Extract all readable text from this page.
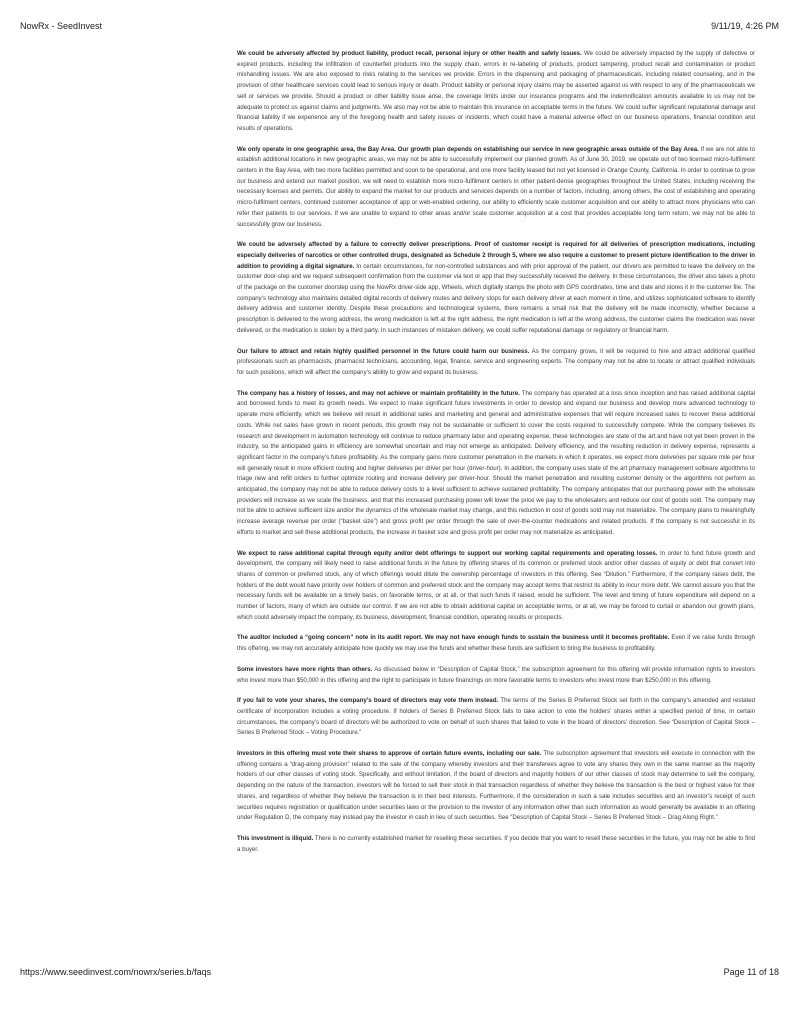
NowRx - SeedInvest	9/11/19, 4:26 PM

We could be adversely affected by product liability, product recall, personal injury or other health and safety issues. We could be adversely impacted by the supply of defective or expired products, including the infiltration of counterfeit products into the supply chain, errors in re-labeling of products, product tampering, product recall and contamination or product mishandling issues. We are also exposed to risks relating to the services we provide. Errors in the dispensing and packaging of pharmaceuticals, including related counseling, and in the provision of other healthcare services could lead to serious injury or death. Product liability or personal injury claims may be asserted against us with respect to any of the pharmaceuticals we sell or services we provide. Should a product or other liability issue arise, the coverage limits under our insurance programs and the indemnification amounts available to us may not be adequate to protect us against claims and judgments. We also may not be able to maintain this insurance on acceptable terms in the future. We could suffer significant reputational damage and financial liability if we experience any of the foregoing health and safety issues or incidents, which could have a material adverse effect on our business operations, financial condition and results of operations.

We only operate in one geographic area, the Bay Area. Our growth plan depends on establishing our service in new geographic areas outside of the Bay Area. If we are not able to establish additional locations in new geographic areas, we may not be able to successfully implement our planned growth. As of June 30, 2019, we operate out of two licensed micro-fulfilment centers in the Bay Area, with two more facilities permitted and soon to be operational, and one more facility leased but not yet licensed in Orange County, California. In order to continue to grow our business and extend our market position, we will need to establish more micro-fulfilment centers in other patient-dense geographies throughout the United States, including receiving the necessary licenses and permits. Our ability to expand the market for our products and services depends on a number of factors, including, among others, the cost of establishing and operating micro-fulfilment centers, continued customer acceptance of app or web-enabled ordering, our ability to efficiently scale customer acquisition and our ability to attract more physicians who can refer their patients to our services. If we are unable to expand to other areas and/or scale customer acquisition at a cost that provides acceptable long term return, we may not be able to successfully grow our business.

We could be adversely affected by a failure to correctly deliver prescriptions. Proof of customer receipt is required for all deliveries of prescription medications, including especially deliveries of narcotics or other controlled drugs, designated as Schedule 2 through 5, where we also require a customer to present picture identification to the driver in addition to providing a digital signature. In certain circumstances, for non-controlled substances and with prior approval of the patient, our drivers are permitted to leave the delivery on the customer door-step and we request subsequent confirmation from the customer via text or app that they successfully received the delivery. In these circumstances, the driver also takes a photo of the package on the customer doorstep using the NowRx driver-side app, Wheels, which digitally stamps the photo with GPS coordinates, time and date and stores it in the customer file. The company’s technology also maintains detailed digital records of delivery routes and delivery stops for each delivery driver at each moment in time, and utilizes sophisticated software to identify delivery address and customer identity. Despite these precautions and technological systems, there remains a small risk that the delivery will be made incorrectly, whether because a prescription is delivered to the wrong address, the wrong medication is left at the right address, the right medication is left at the wrong address, the customer claims the medication was never delivered, or the medication is stolen by a third party. In such instances of mistaken delivery, we could suffer reputational damage or regulatory or financial harm.

Our failure to attract and retain highly qualified personnel in the future could harm our business. As the company grows, it will be required to hire and attract additional qualified professionals such as pharmacists, pharmacist technicians, accounting, legal, finance, service and engineering experts. The company may not be able to locate or attract qualified individuals for such positions, which will affect the company’s ability to grow and expand its business.

The company has a history of losses, and may not achieve or maintain profitability in the future. The company has operated at a loss since inception and has raised additional capital and borrowed funds to meet its growth needs. We expect to make significant future investments in order to develop and expand our business and develop more advanced technology to operate more efficiently, which we believe will result in additional sales and marketing and general and administrative expenses that will require increased sales to recover these additional costs. While net sales have grown in recent periods, this growth may not be sustainable or sufficient to cover the costs required to successfully compete. While the company believes its research and development in automation technology will continue to reduce pharmacy labor and operating expense, these technologies are state of the art and have not yet been proven in the industry, so the anticipated gains in efficiency are somewhat uncertain and may not emerge as anticipated. Delivery efficiency, and the resulting reduction in delivery expense, represents a significant factor in the company’s future profitability. As the company gains more customer penetration in the markets in which it operates, we expect more deliveries per square mile per hour will generally result in more efficient routing and higher deliveries per driver per hour (driver-hour). In addition, the company uses state of the art pharmacy management software algorithms to triage new and refill orders to further optimize routing and increase delivery per driver-hour. Should the market penetration and resulting customer density or the algorithms not perform as anticipated, the company may not be able to reduce delivery costs to a level sufficient to achieve sustained profitability. The company anticipates that our purchasing power with the wholesale providers will increase as we scale the business, and that this increased purchasing power will lower the price we pay to the wholesalers and reduce our cost of goods sold. The company may not be able to achieve sufficient size and/or the dynamics of the wholesale market may change, and this reduction in cost of goods sold may not materialize. The company plans to meaningfully increase average revenue per order (“basket size”) and gross profit per order through the sale of over-the-counter medications and related products. If the company is not successful in its efforts to market and sell these additional products, the increase in basket size and gross profit per order may not materialize as anticipated.

We expect to raise additional capital through equity and/or debt offerings to support our working capital requirements and operating losses. In order to fund future growth and development, the company will likely need to raise additional funds in the future by offering shares of its common or preferred stock and/or other classes of equity or debt that convert into shares of common or preferred stock, any of which offerings would dilute the ownership percentage of investors in this offering. See “Dilution.” Furthermore, if the company raises debt, the holders of the debt would have priority over holders of common and preferred stock and the company may accept terms that restrict its ability to incur more debt. We cannot assure you that the necessary funds will be available on a timely basis, on favorable terms, or at all, or that such funds if raised, would be sufficient. The level and timing of future expenditure will depend on a number of factors, many of which are outside our control. If we are not able to obtain additional capital on acceptable terms, or at all, we may be forced to curtail or abandon our growth plans, which could adversely impact the company, its business, development, financial condition, operating results or prospects.

The auditor included a “going concern” note in its audit report. We may not have enough funds to sustain the business until it becomes profitable. Even if we raise funds through this offering, we may not accurately anticipate how quickly we may use the funds and whether these funds are sufficient to bring the business to profitability.

Some investors have more rights than others. As discussed below in “Description of Capital Stock,” the subscription agreement for this offering will provide information rights to investors who invest more than $50,000 in this offering and the right to participate in future financings on more favorable terms to investors who invest more than $250,000 in this offering.

If you fail to vote your shares, the company’s board of directors may vote them instead. The terms of the Series B Preferred Stock set forth in the company’s amended and restated certificate of incorporation includes a voting procedure. If holders of Series B Preferred Stock fails to take action to vote the holders’ shares within a specified period of time, in certain circumstances, the company’s board of directors will be authorized to vote on behalf of such shares that failed to vote in the board of directors’ discretion. See “Description of Capital Stock – Series B Preferred Stock – Voting Procedure.”

Investors in this offering must vote their shares to approve of certain future events, including our sale. The subscription agreement that investors will execute in connection with the offering contains a “drag-along provision” related to the sale of the company whereby investors and their transferees agree to vote any shares they own in the same manner as the majority holders of our other classes of voting stock. Specifically, and without limitation, if the board of directors and majority holders of our other classes of stock may determine to sell the company, depending on the nature of the transaction, investors will be forced to sell their stock in that transaction regardless of whether they believe the transaction is the best or highest value for their shares, and regardless of whether they believe the transaction is in their best interests. Furthermore, if the consideration in such a sale includes securities and an investor’s receipt of such securities requires registration or qualification under securities laws or the provision to the investor of any information other than such information as would generally be available in an offering under Regulation D, the company may instead pay the investor in cash in lieu of such securities. See “Description of Capital Stock – Series B Preferred Stock – Drag Along Right.”

This investment is illiquid. There is no currently established market for reselling these securities. If you decide that you want to resell these securities in the future, you may not be able to find a buyer.

https://www.seedinvest.com/nowrx/series.b/faqs	Page 11 of 18
